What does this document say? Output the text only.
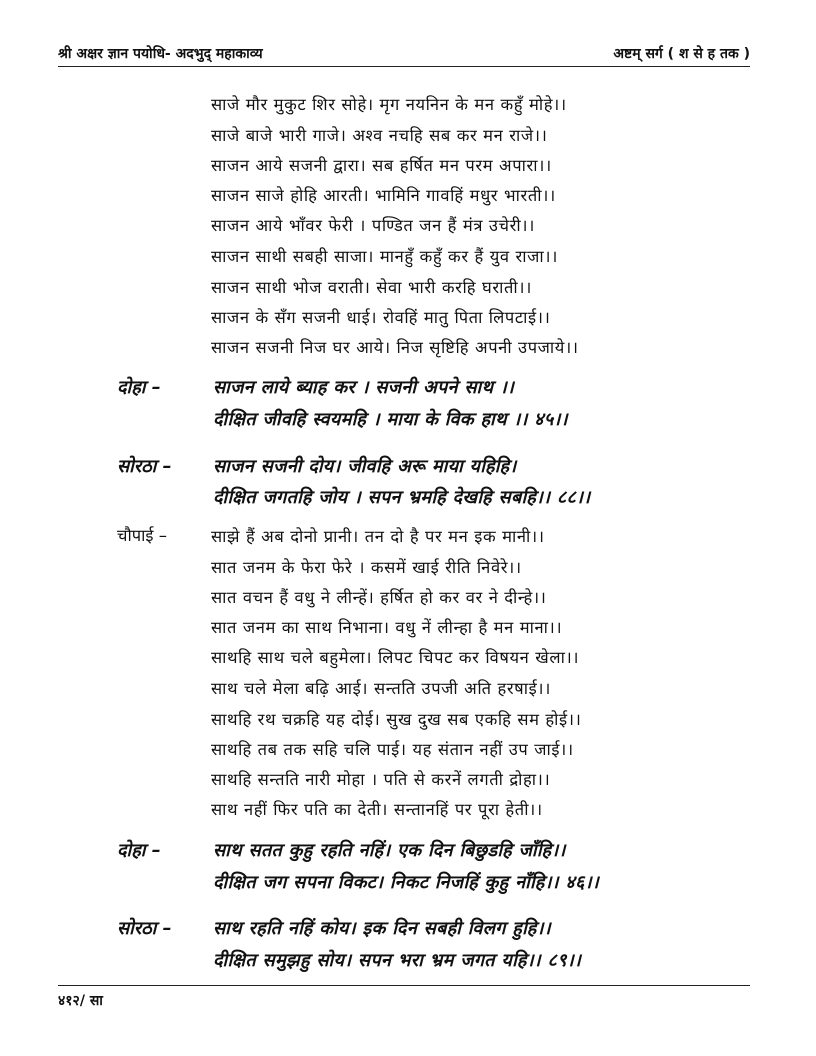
श्री अक्षर ज्ञान पयोधि- अदभुद् महाकाव्य	अष्टम् सर्ग ( श से ह तक )
साजे मौर मुकुट शिर सोहे। मृग नयनिन के मन कहुँ मोहे।।
साजे बाजे भारी गाजे। अश्व नचहि सब कर मन राजे।।
साजन आये सजनी द्वारा। सब हर्षित मन परम अपारा।।
साजन साजे होहि आरती। भामिनि गावहिं मधुर भारती।।
साजन आये भाँवर फेरी । पण्डित जन हैं मंत्र उचेरी।।
साजन साथी सबही साजा। मानहुँ कहुँ कर हैं युव राजा।।
साजन साथी भोज वराती। सेवा भारी करहि घराती।।
साजन के सँग सजनी धाई। रोवहिं मातु पिता लिपटाई।।
साजन सजनी निज घर आये। निज सृष्टिहि अपनी उपजाये।।
दोहा –	साजन लाये ब्याह कर । सजनी अपने साथ ।।
दीक्षित जीवहि स्वयमहि । माया के विक हाथ ।। ४५।।
सोरठा – साजन सजनी दोय। जीवहि अरू माया यहिहि।
दीक्षित जगतहि जोय । सपन भ्रमहि देखहि सबहि।। ८८।।
चौपाई –	साझे हैं अब दोनो प्रानी। तन दो है पर मन इक मानी।।
सात जनम के फेरा फेरे । कसमें खाई रीति निवेरे।।
सात वचन हैं वधु ने लीन्हें। हर्षित हो कर वर ने दीन्हे।।
सात जनम का साथ निभाना। वधु नें लीन्हा है मन माना।।
साथहि साथ चले बहुमेला। लिपट चिपट कर विषयन खेला।।
साथ चले मेला बढ़ि आई। सन्तति उपजी अति हरषाई।।
साथहि रथ चक्रहि यह दोई। सुख दुख सब एकहि सम होई।।
साथहि तब तक सहि चलि पाई। यह संतान नहीं उप जाई।।
साथहि सन्तति नारी मोहा । पति से करनें लगती द्रोहा।।
साथ नहीं फिर पति का देती। सन्तानहिं पर पूरा हेती।।
दोहा –	साथ सतत कुहु रहति नहिं। एक दिन बिछुडहि जाँहि।।
दीक्षित जग सपना विकट। निकट निजहिं कुहु नाँहि।। ४६।।
सोरठा – साथ रहति नहिं कोय। इक दिन सबही विलग हुहि।।
दीक्षित समुझहु सोय। सपन भरा भ्रम जगत यहि।। ८९।।
४१२/ सा
